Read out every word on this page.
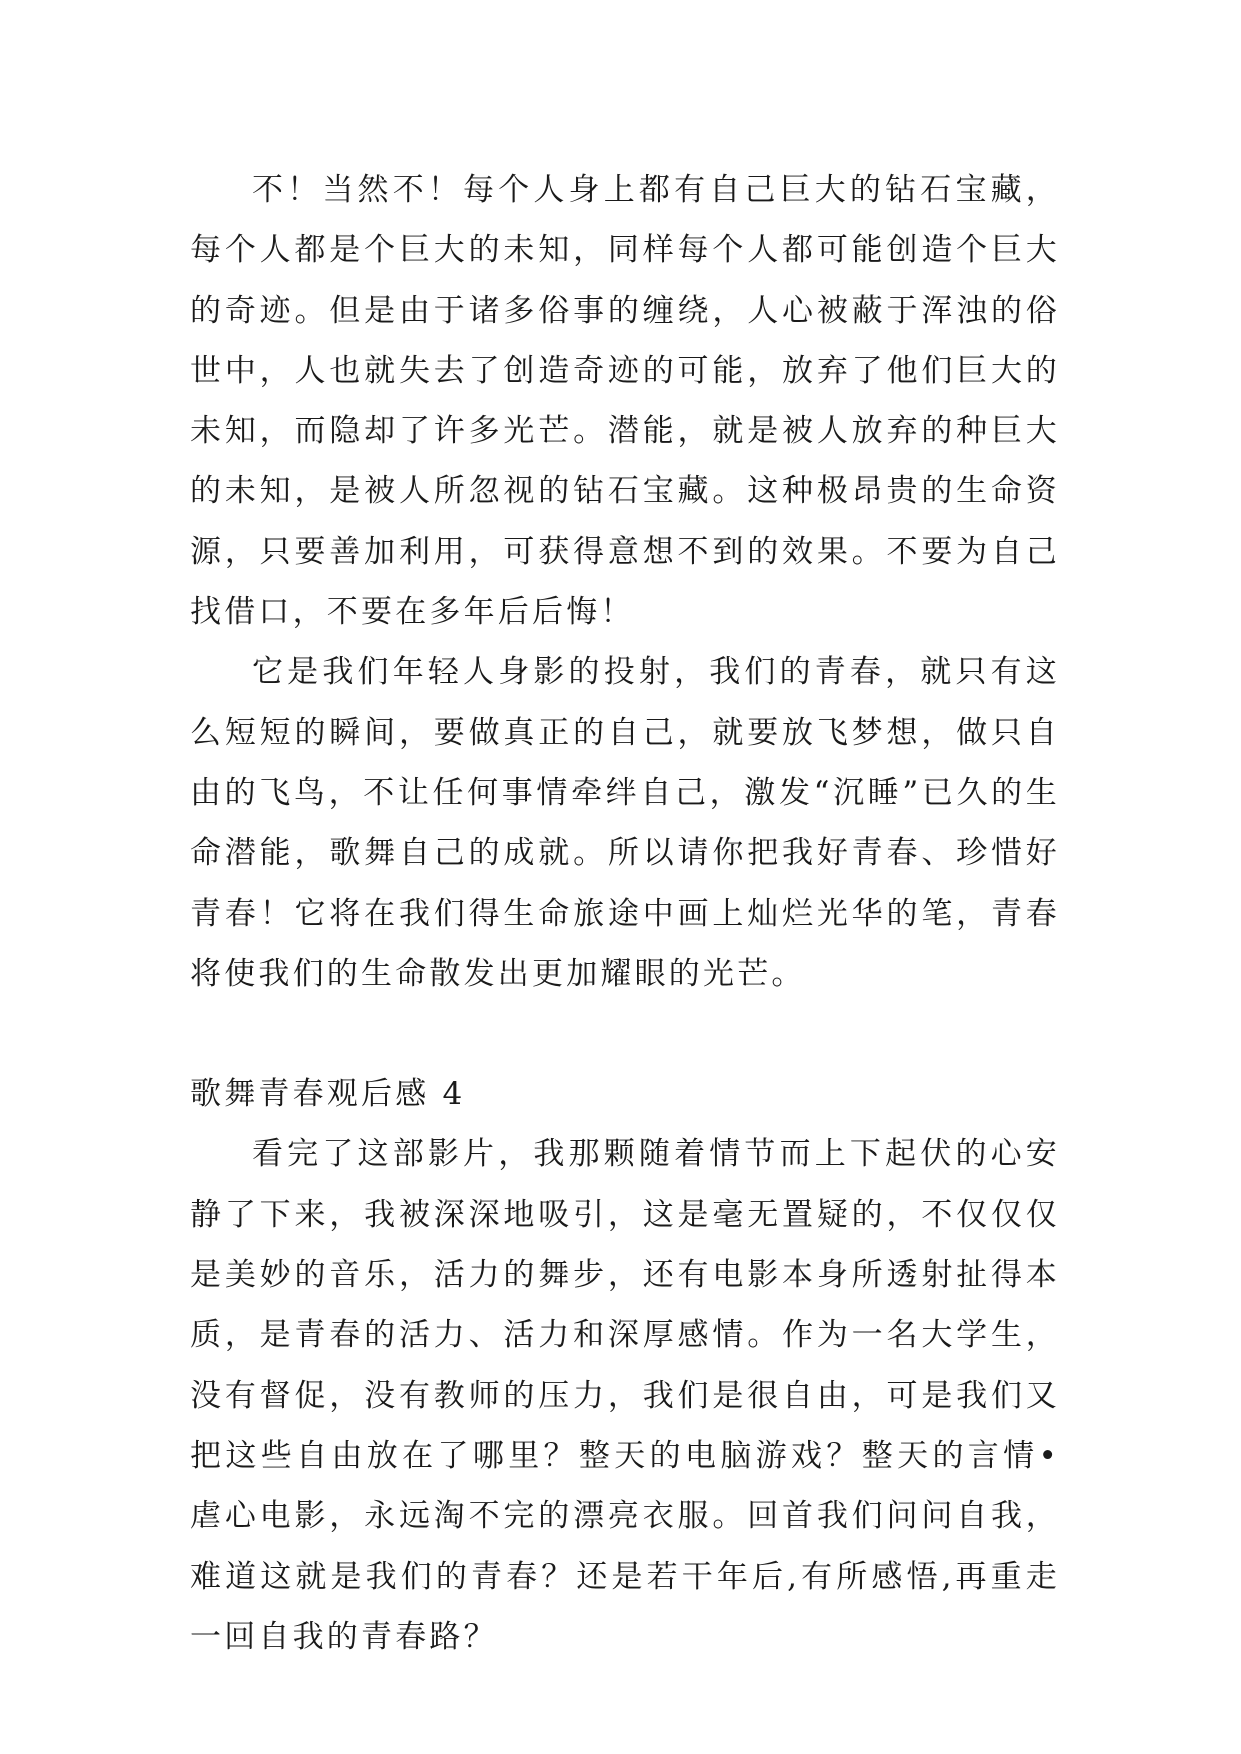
不！当然不！每个人身上都有自己巨大的钻石宝藏，每个人都是个巨大的未知，同样每个人都可能创造个巨大的奇迹。但是由于诸多俗事的缠绕，人心被蔽于浑浊的俗世中，人也就失去了创造奇迹的可能，放弃了他们巨大的未知，而隐却了许多光芒。潜能，就是被人放弃的种巨大的未知，是被人所忽视的钻石宝藏。这种极昂贵的生命资源，只要善加利用，可获得意想不到的效果。不要为自己找借口，不要在多年后后悔！

它是我们年轻人身影的投射，我们的青春，就只有这么短短的瞬间，要做真正的自己，就要放飞梦想，做只自由的飞鸟，不让任何事情牵绊自己，激发“沉睡”已久的生命潜能，歌舞自己的成就。所以请你把我好青春、珍惜好青春！它将在我们得生命旅途中画上灿烂光华的笔，青春将使我们的生命散发出更加耀眼的光芒。

歌舞青春观后感 4

看完了这部影片，我那颗随着情节而上下起伏的心安静了下来，我被深深地吸引，这是毫无置疑的，不仅仅仅是美妙的音乐，活力的舞步，还有电影本身所透射扯得本质，是青春的活力、活力和深厚感情。作为一名大学生，没有督促，没有教师的压力，我们是很自由，可是我们又把这些自由放在了哪里？整天的电脑游戏？整天的言情•虐心电影，永远淘不完的漂亮衣服。回首我们问问自我，难道这就是我们的青春？还是若干年后,有所感悟,再重走一回自我的青春路？
